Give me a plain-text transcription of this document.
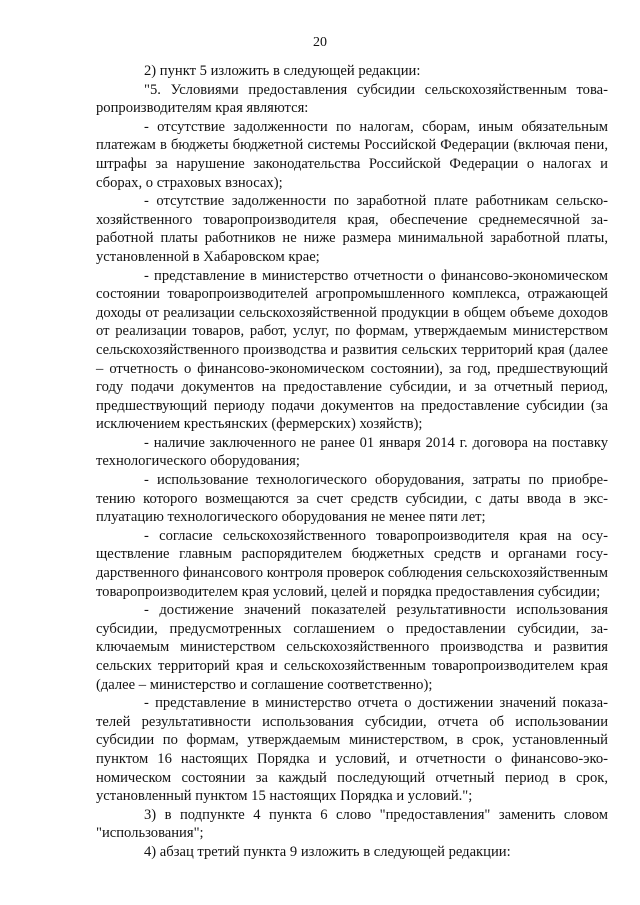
20

2) пункт 5 изложить в следующей редакции:

"5. Условиями предоставления субсидии сельскохозяйственным товаропроизводителям края являются:

- отсутствие задолженности по налогам, сборам, иным обязательным платежам в бюджеты бюджетной системы Российской Федерации (включая пени, штрафы за нарушение законодательства Российской Федерации о налогах и сборах, о страховых взносах);

- отсутствие задолженности по заработной плате работникам сельскохозяйственного товаропроизводителя края, обеспечение среднемесячной заработной платы работников не ниже размера минимальной заработной платы, установленной в Хабаровском крае;

- представление в министерство отчетности о финансово-экономическом состоянии товаропроизводителей агропромышленного комплекса, отражающей доходы от реализации сельскохозяйственной продукции в общем объеме доходов от реализации товаров, работ, услуг, по формам, утверждаемым министерством сельскохозяйственного производства и развития сельских территорий края (далее – отчетность о финансово-экономическом состоянии), за год, предшествующий году подачи документов на предоставление субсидии, и за отчетный период, предшествующий периоду подачи документов на предоставление субсидии (за исключением крестьянских (фермерских) хозяйств);

- наличие заключенного не ранее 01 января 2014 г. договора на поставку технологического оборудования;

- использование технологического оборудования, затраты по приобретению которого возмещаются за счет средств субсидии, с даты ввода в эксплуатацию технологического оборудования не менее пяти лет;

- согласие сельскохозяйственного товаропроизводителя края на осуществление главным распорядителем бюджетных средств и органами государственного финансового контроля проверок соблюдения сельскохозяйственным товаропроизводителем края условий, целей и порядка предоставления субсидии;

- достижение значений показателей результативности использования субсидии, предусмотренных соглашением о предоставлении субсидии, заключаемым министерством сельскохозяйственного производства и развития сельских территорий края и сельскохозяйственным товаропроизводителем края (далее – министерство и соглашение соответственно);

- представление в министерство отчета о достижении значений показателей результативности использования субсидии, отчета об использовании субсидии по формам, утверждаемым министерством, в срок, установленный пунктом 16 настоящих Порядка и условий, и отчетности о финансово-экономическом состоянии за каждый последующий отчетный период в срок, установленный пунктом 15 настоящих Порядка и условий.";

3) в подпункте 4 пункта 6 слово "предоставления" заменить словом "использования";

4) абзац третий пункта 9 изложить в следующей редакции:
